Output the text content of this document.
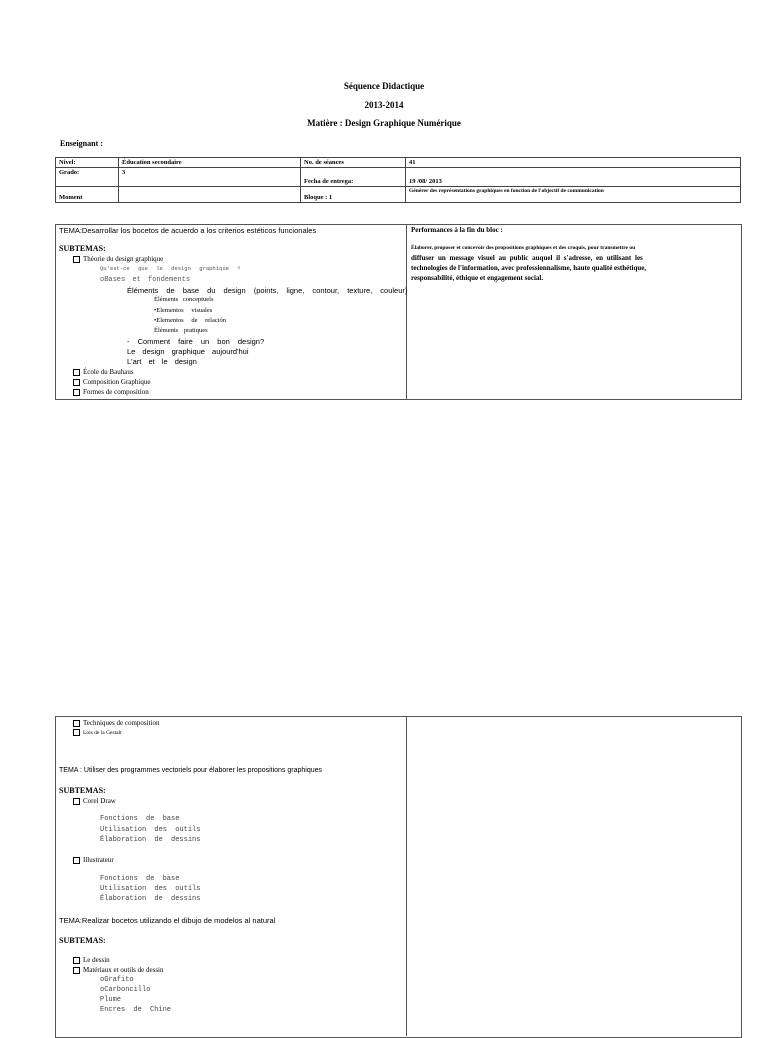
Séquence Didactique
2013-2014
Matière : Design Graphique Numérique
Enseignant :
Nivel:	Éducation secondaire	No. de séances	41
Grado:	3	Fecha de entrega:	19 /08/ 2013
Moment		Bloque : 1	Générer des représentations graphiques en fonction de l'objectif de communication
TEMA:Desarrollar los bocetos de acuerdo a los criterios estéticos funcionales
SUBTEMAS:
Théorie du design graphique
Qu'est-ce que le design graphique ?
oBases et fondements
Éléments de base du design (points, ligne, contour, texture, couleur)
Éléments conceptuels
•Elementos visuales
•Elementos de relación
Éléments pratiques
- Comment faire un bon design?
Le design graphique aujourd'hui
L'art et le design
École du Bauhaus
Composition Graphique
Formes de composition
Performances à la fin du bloc :
Élaborer, proposer et concevoir des propositions graphiques et des croquis, pour transmettre ou
diffuser un message visuel au public auquel il s'adresse, en utilisant les
technologies de l'information, avec professionnalisme, haute qualité esthétique,
responsabilité, éthique et engagement social.
Techniques de composition
Lois de la Gestalt
TEMA : Utiliser des programmes vectoriels pour élaborer les propositions graphiques
SUBTEMAS:
Corel Draw
Fonctions de base
Utilisation des outils
Élaboration de dessins
Illustrateur
Fonctions de base
Utilisation des outils
Élaboration de dessins
TEMA:Realizar bocetos utilizando el dibujo de modelos al natural
SUBTEMAS:
Le dessin
Matériaux et outils de dessin
oGrafito
oCarboncillo
Plume
Encres de Chine
